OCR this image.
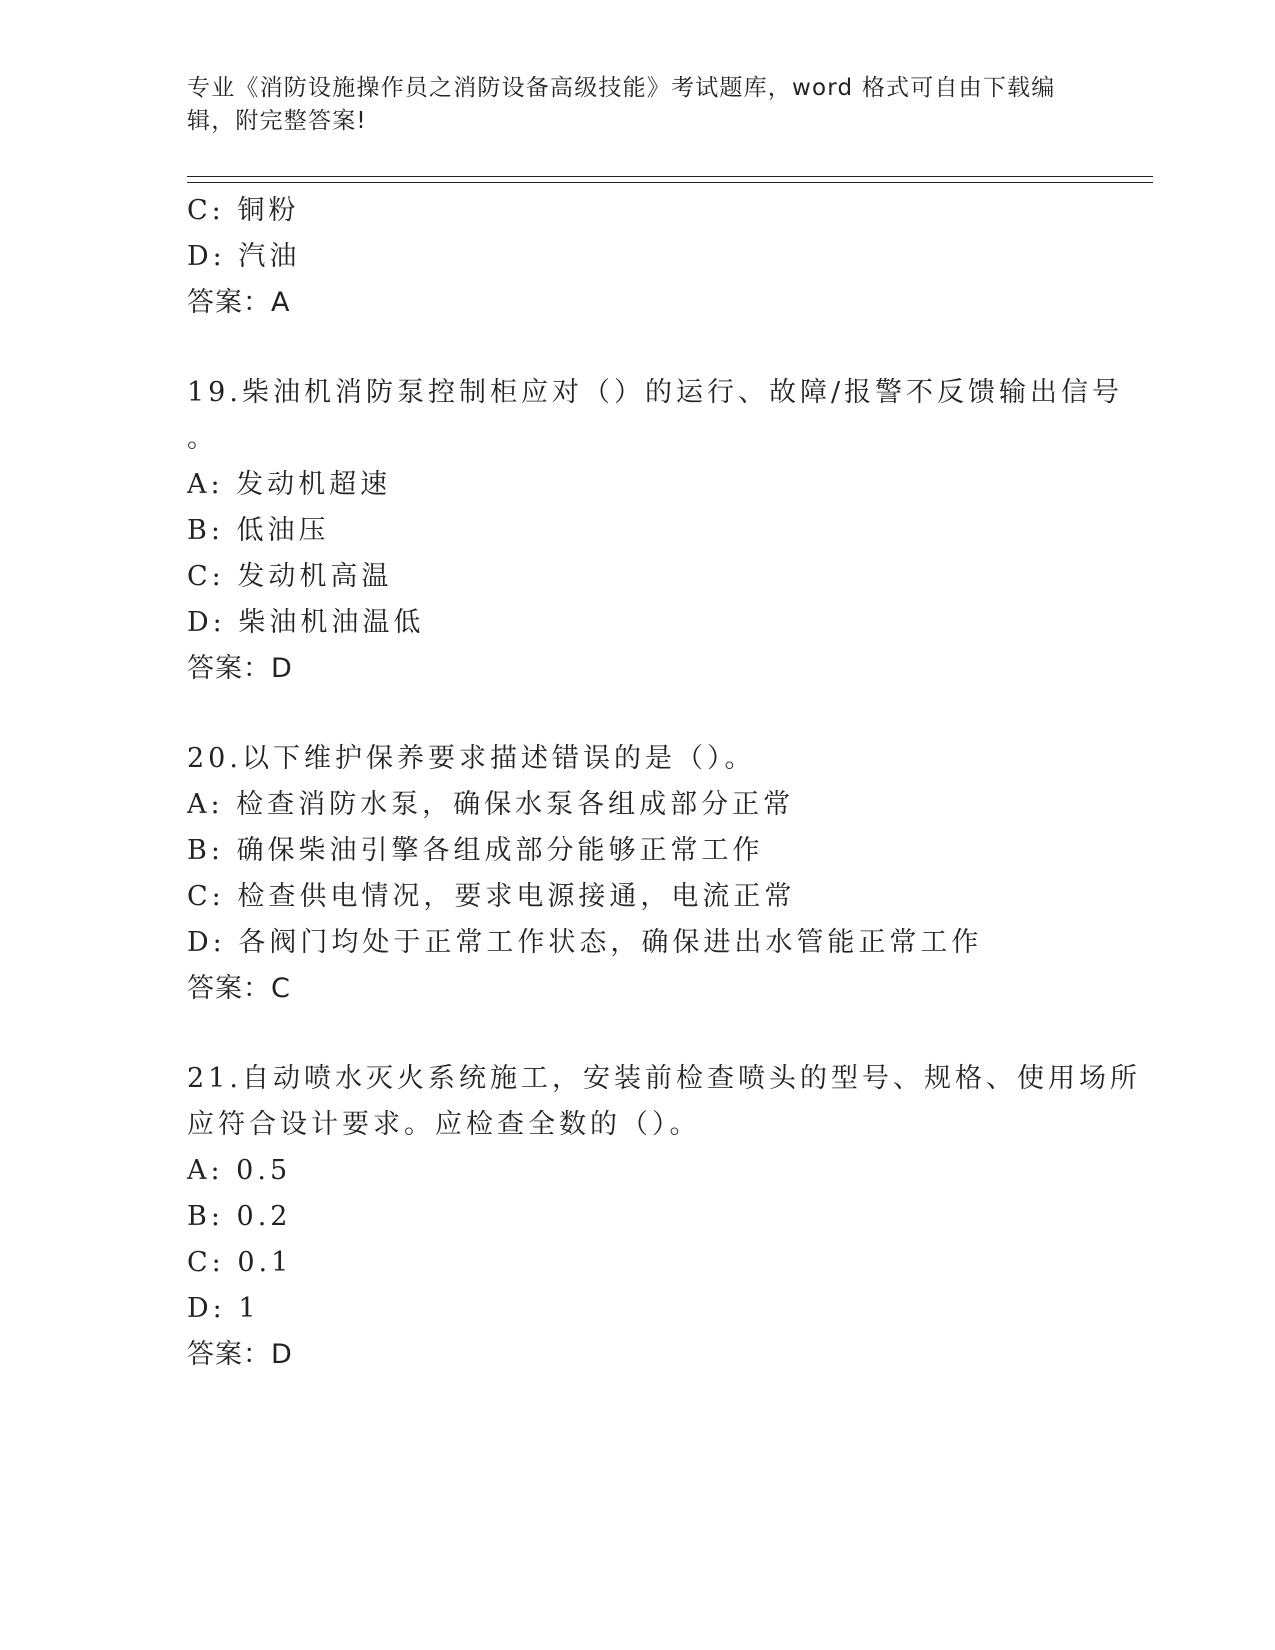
专业《消防设施操作员之消防设备高级技能》考试题库，word 格式可自由下载编
辑，附完整答案!
C: 铜粉
D: 汽油
答案：A
19.柴油机消防泵控制柜应对（）的运行、故障/报警不反馈输出信号
。
A: 发动机超速
B: 低油压
C: 发动机高温
D: 柴油机油温低
答案：D
20.以下维护保养要求描述错误的是（）。
A: 检查消防水泵，确保水泵各组成部分正常
B: 确保柴油引擎各组成部分能够正常工作
C: 检查供电情况，要求电源接通，电流正常
D: 各阀门均处于正常工作状态，确保进出水管能正常工作
答案：C
21.自动喷水灭火系统施工，安装前检查喷头的型号、规格、使用场所
应符合设计要求。应检查全数的（）。
A: 0.5
B: 0.2
C: 0.1
D: 1
答案：D
